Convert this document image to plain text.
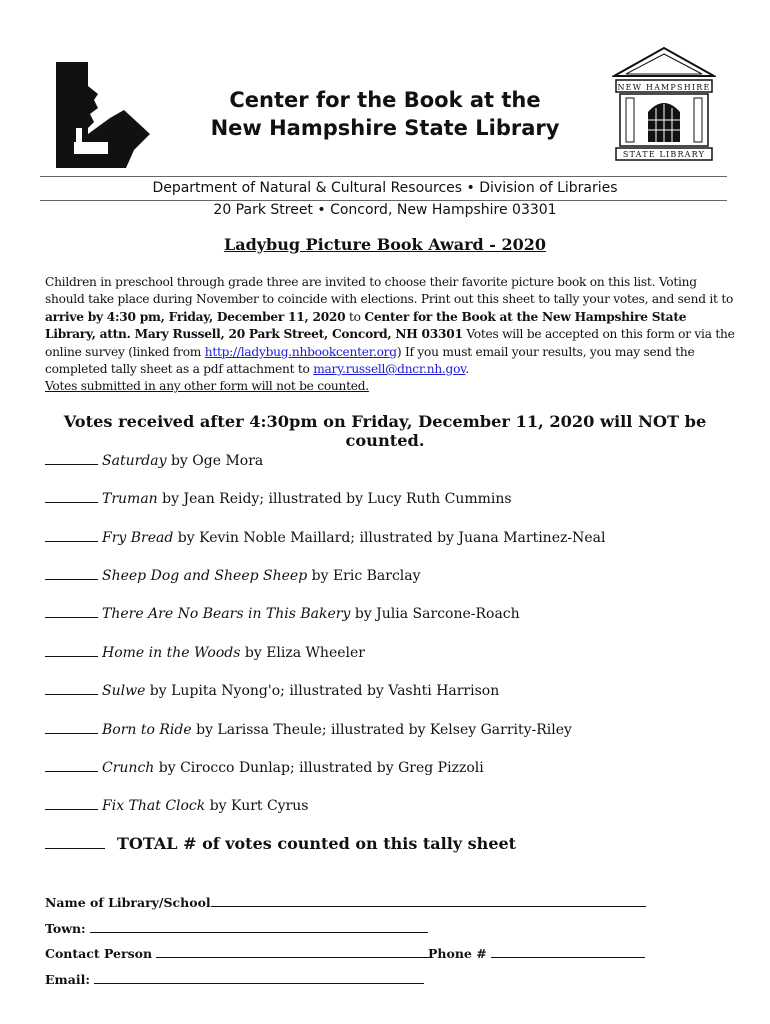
Center for the Book at the
New Hampshire State Library
NEW HAMPSHIRE
STATE LIBRARY
Department of Natural & Cultural Resources • Division of Libraries
20 Park Street • Concord, New Hampshire 03301
Ladybug Picture Book Award - 2020
Children in preschool through grade three are invited to choose their favorite picture book on this list. Voting should take place during November to coincide with elections. Print out this sheet to tally your votes, and send it to arrive by 4:30 pm, Friday, December 11, 2020 to Center for the Book at the New Hampshire State Library, attn. Mary Russell, 20 Park Street, Concord, NH 03301 Votes will be accepted on this form or via the online survey (linked from http://ladybug.nhbookcenter.org) If you must email your results, you may send the completed tally sheet as a pdf attachment to mary.russell@dncr.nh.gov.
Votes submitted in any other form will not be counted.
Votes received after 4:30pm on Friday, December 11, 2020 will NOT be counted.
Saturday by Oge Mora
Truman by Jean Reidy; illustrated by Lucy Ruth Cummins
Fry Bread by Kevin Noble Maillard; illustrated by Juana Martinez-Neal
Sheep Dog and Sheep Sheep by Eric Barclay
There Are No Bears in This Bakery by Julia Sarcone-Roach
Home in the Woods by Eliza Wheeler
Sulwe by Lupita Nyong'o; illustrated by Vashti Harrison
Born to Ride by Larissa Theule; illustrated by Kelsey Garrity-Riley
Crunch by Cirocco Dunlap; illustrated by Greg Pizzoli
Fix That Clock by Kurt Cyrus
TOTAL # of votes counted on this tally sheet
Name of Library/School
Town:
Contact Person	Phone #
Email:
